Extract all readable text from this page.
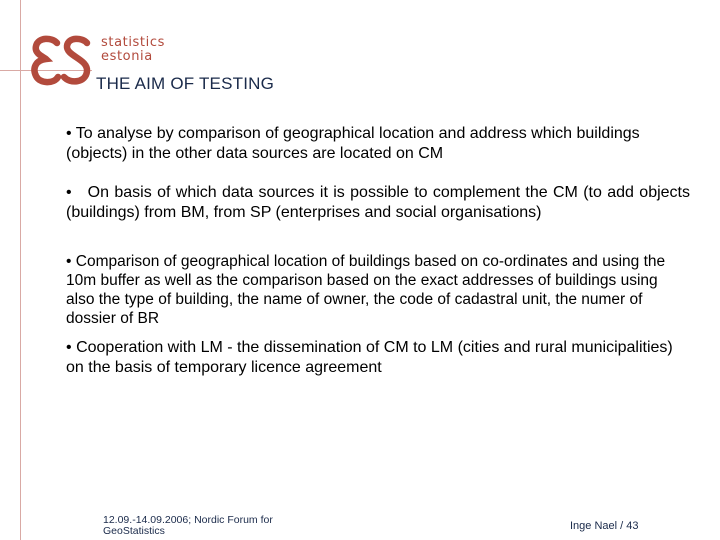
statistics
estonia
THE AIM OF TESTING
• To analyse by comparison of geographical location and address which buildings (objects) in the other data sources are located on CM
• On basis of which data sources it is possible to complement the CM (to add objects (buildings) from BM, from SP (enterprises and social organisations)
• Comparison of geographical location of buildings based on co-ordinates and using the 10m buffer as well as the comparison based on the exact addresses of buildings using also the type of building, the name of owner, the code of cadastral unit, the numer of dossier of BR
• Cooperation with LM - the dissemination of CM to LM (cities and rural municipalities) on the basis of temporary licence agreement
12.09.-14.09.2006; Nordic Forum for GeoStatistics	Inge Nael / 43
